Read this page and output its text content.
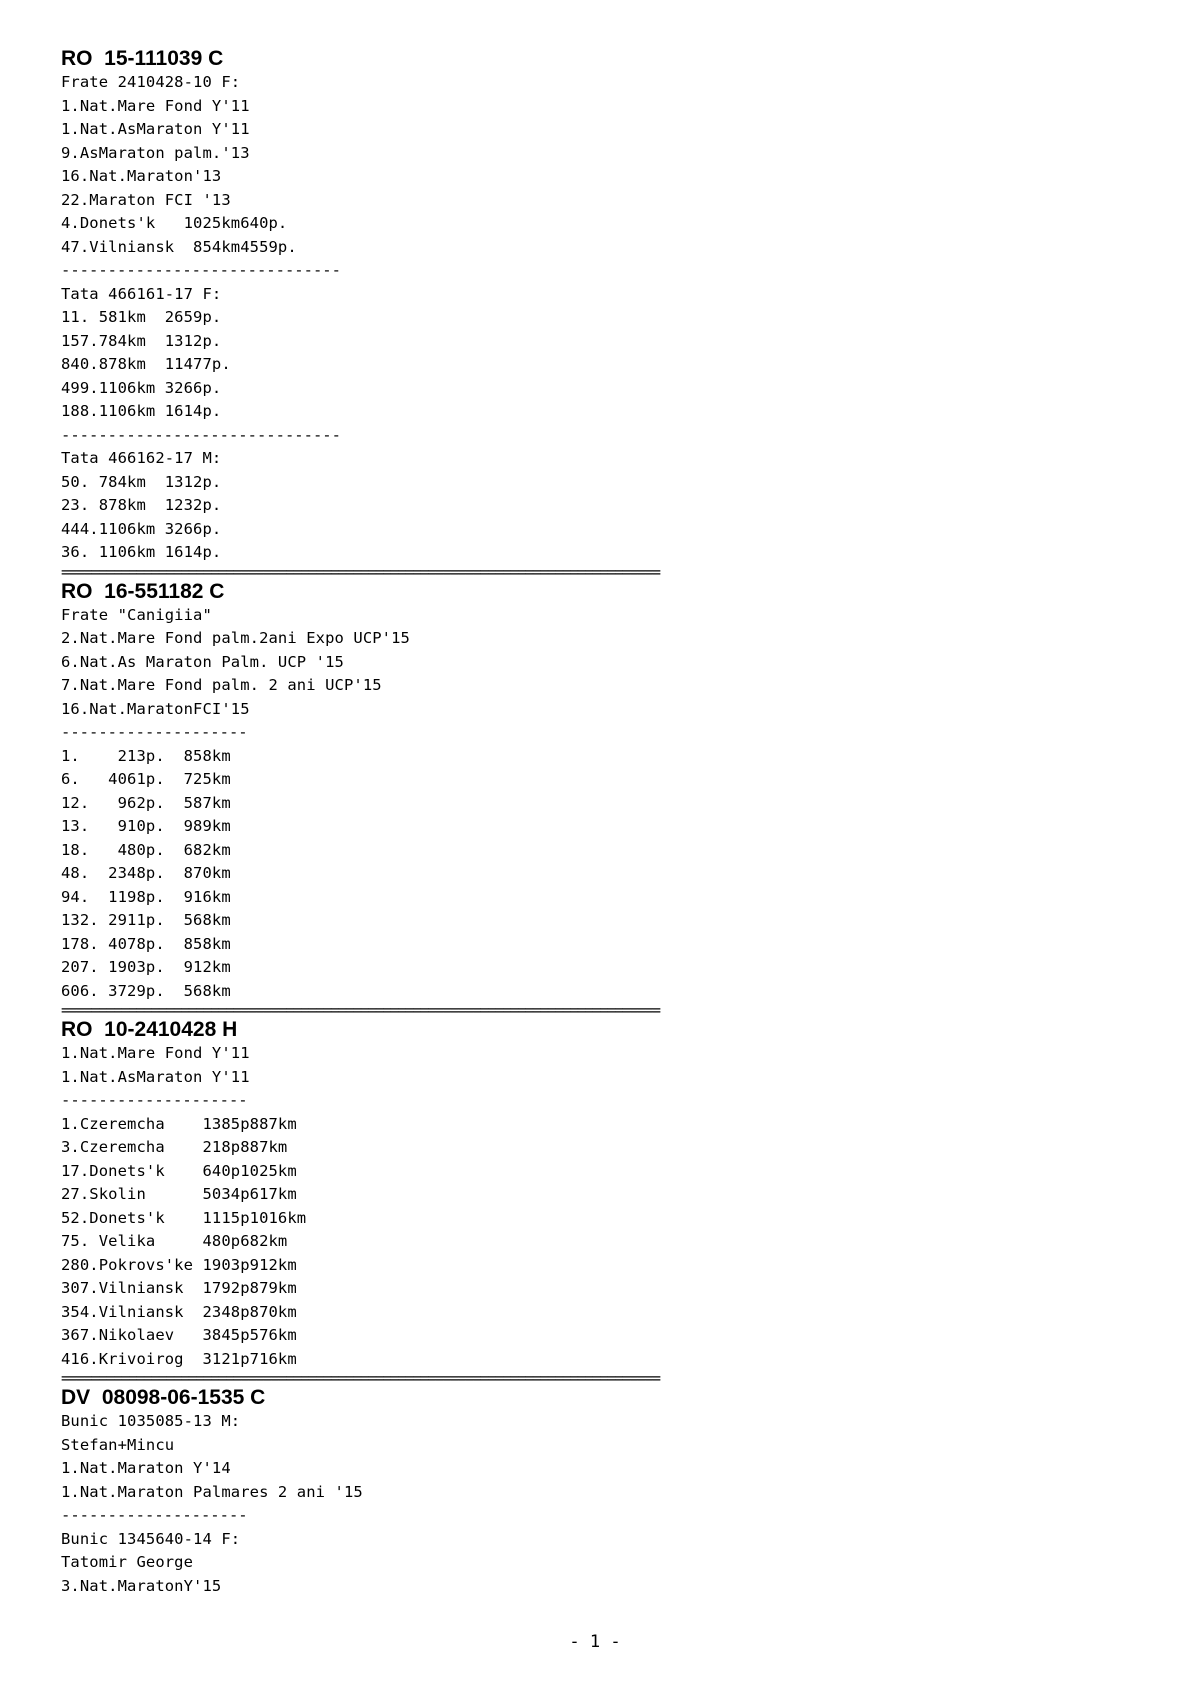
RO  15-111039 C
Frate 2410428-10 F:
1.Nat.Mare Fond Y'11
1.Nat.AsMaraton Y'11
9.AsMaraton palm.'13
16.Nat.Maraton'13
22.Maraton FCI '13
4.Donets'k   1025km640p.
47.Vilniansk  854km4559p.
------------------------------
Tata 466161-17 F:
11. 581km  2659p.
157.784km  1312p.
840.878km  11477p.
499.1106km 3266p.
188.1106km 1614p.
------------------------------
Tata 466162-17 M:
50. 784km  1312p.
23. 878km  1232p.
444.1106km 3266p.
36. 1106km 1614p.
================================================================================
RO  16-551182 C
Frate "Canigiia"
2.Nat.Mare Fond palm.2ani Expo UCP'15
6.Nat.As Maraton Palm. UCP '15
7.Nat.Mare Fond palm. 2 ani UCP'15
16.Nat.MaratonFCI'15
--------------------
1.    213p.  858km
6.   4061p.  725km
12.   962p.  587km
13.   910p.  989km
18.   480p.  682km
48.  2348p.  870km
94.  1198p.  916km
132. 2911p.  568km
178. 4078p.  858km
207. 1903p.  912km
606. 3729p.  568km
================================================================================
RO  10-2410428 H
1.Nat.Mare Fond Y'11
1.Nat.AsMaraton Y'11
--------------------
1.Czeremcha    1385p887km
3.Czeremcha    218p887km
17.Donets'k    640p1025km
27.Skolin      5034p617km
52.Donets'k    1115p1016km
75. Velika     480p682km
280.Pokrovs'ke 1903p912km
307.Vilniansk  1792p879km
354.Vilniansk  2348p870km
367.Nikolaev   3845p576km
416.Krivoirog  3121p716km
================================================================================
DV  08098-06-1535 C
Bunic 1035085-13 M:
Stefan+Mincu
1.Nat.Maraton Y'14
1.Nat.Maraton Palmares 2 ani '15
--------------------
Bunic 1345640-14 F:
Tatomir George
3.Nat.MaratonY'15
- 1 -
